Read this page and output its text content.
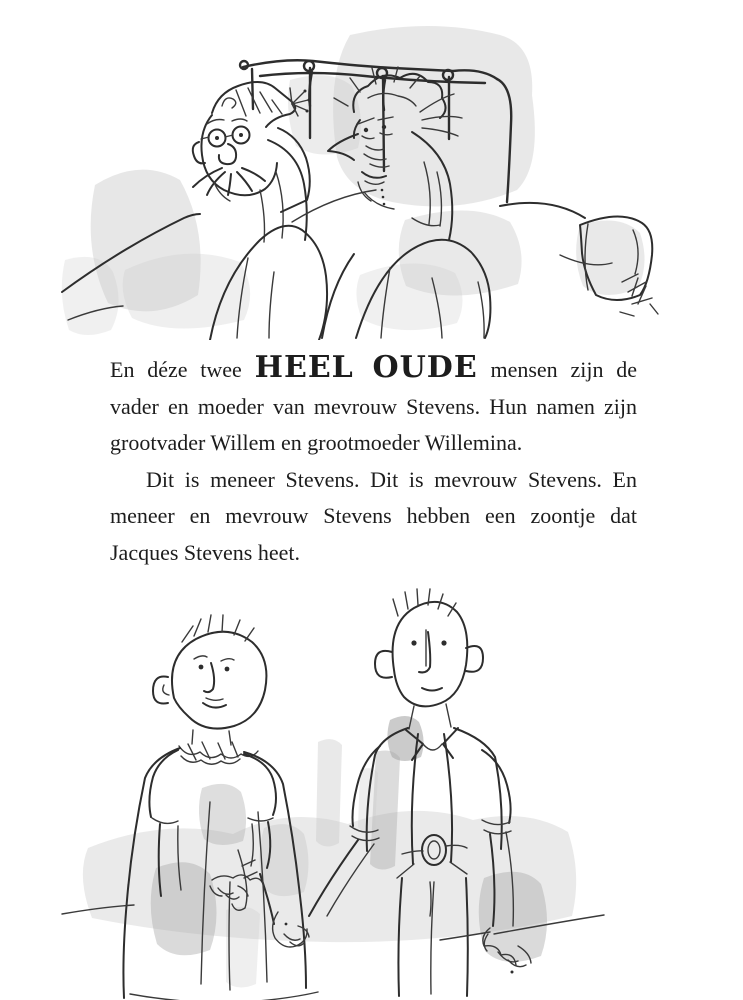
En déze twee HEEL OUDE mensen zijn de vader en moeder van mevrouw Stevens. Hun namen zijn grootvader Willem en grootmoeder Willemina.

Dit is meneer Stevens. Dit is mevrouw Stevens. En meneer en mevrouw Stevens hebben een zoontje dat Jacques Stevens heet.
